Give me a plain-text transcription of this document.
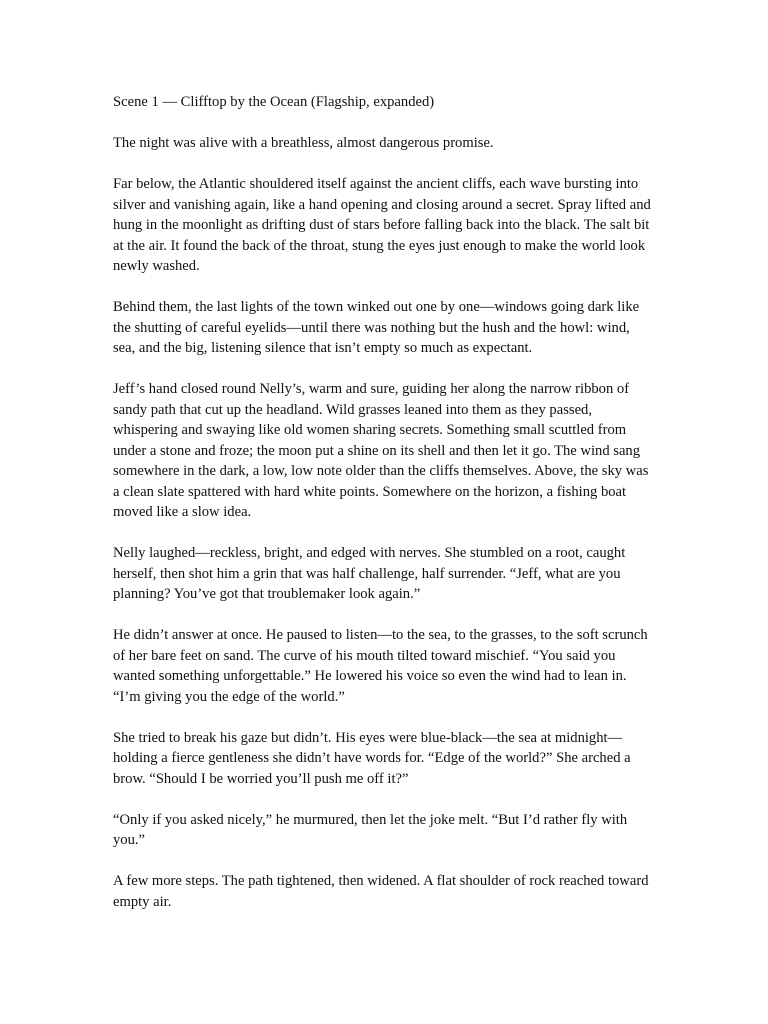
Scene 1 — Clifftop by the Ocean (Flagship, expanded)

The night was alive with a breathless, almost dangerous promise.

Far below, the Atlantic shouldered itself against the ancient cliffs, each wave bursting into silver and vanishing again, like a hand opening and closing around a secret. Spray lifted and hung in the moonlight as drifting dust of stars before falling back into the black. The salt bit at the air. It found the back of the throat, stung the eyes just enough to make the world look newly washed.

Behind them, the last lights of the town winked out one by one—windows going dark like the shutting of careful eyelids—until there was nothing but the hush and the howl: wind, sea, and the big, listening silence that isn’t empty so much as expectant.

Jeff’s hand closed round Nelly’s, warm and sure, guiding her along the narrow ribbon of sandy path that cut up the headland. Wild grasses leaned into them as they passed, whispering and swaying like old women sharing secrets. Something small scuttled from under a stone and froze; the moon put a shine on its shell and then let it go. The wind sang somewhere in the dark, a low, low note older than the cliffs themselves. Above, the sky was a clean slate spattered with hard white points. Somewhere on the horizon, a fishing boat moved like a slow idea.

Nelly laughed—reckless, bright, and edged with nerves. She stumbled on a root, caught herself, then shot him a grin that was half challenge, half surrender. “Jeff, what are you planning? You’ve got that troublemaker look again.”

He didn’t answer at once. He paused to listen—to the sea, to the grasses, to the soft scrunch of her bare feet on sand. The curve of his mouth tilted toward mischief. “You said you wanted something unforgettable.” He lowered his voice so even the wind had to lean in. “I’m giving you the edge of the world.”

She tried to break his gaze but didn’t. His eyes were blue-black—the sea at midnight—holding a fierce gentleness she didn’t have words for. “Edge of the world?” She arched a brow. “Should I be worried you’ll push me off it?”

“Only if you asked nicely,” he murmured, then let the joke melt. “But I’d rather fly with you.”

A few more steps. The path tightened, then widened. A flat shoulder of rock reached toward empty air.
